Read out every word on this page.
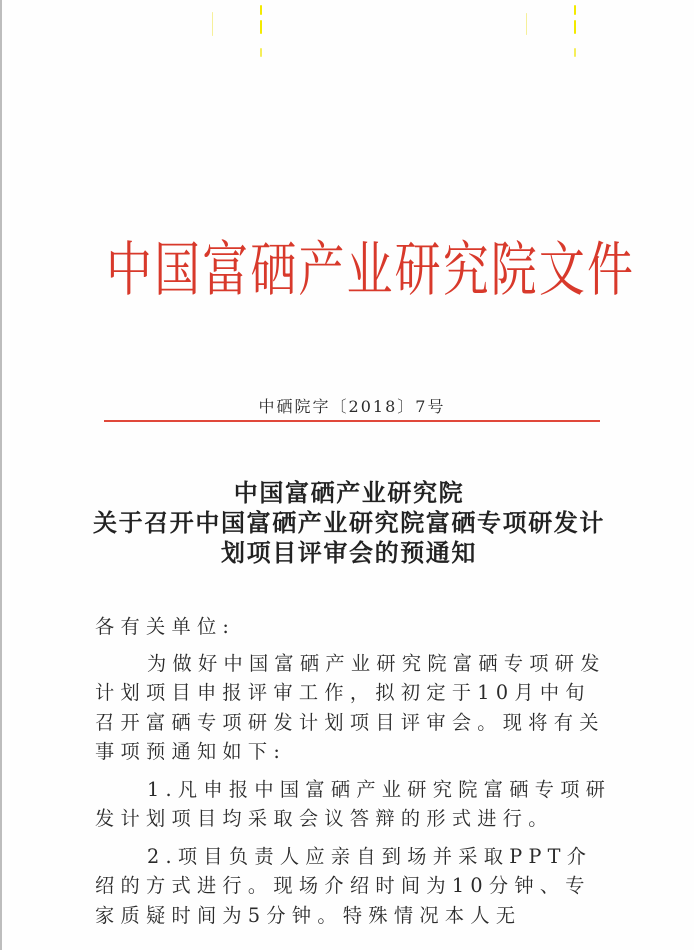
中国富硒产业研究院文件
中硒院字〔2018〕7号
中国富硒产业研究院
关于召开中国富硒产业研究院富硒专项研发计
划项目评审会的预通知

各有关单位:

为做好中国富硒产业研究院富硒专项研发计划项目申报评审工作，拟初定于10月中旬召开富硒专项研发计划项目评审会。现将有关事项预通知如下:

1.凡申报中国富硒产业研究院富硒专项研发计划项目均采取会议答辩的形式进行。

2.项目负责人应亲自到场并采取PPT介绍的方式进行。现场介绍时间为10分钟、专家质疑时间为5分钟。特殊情况本人无
